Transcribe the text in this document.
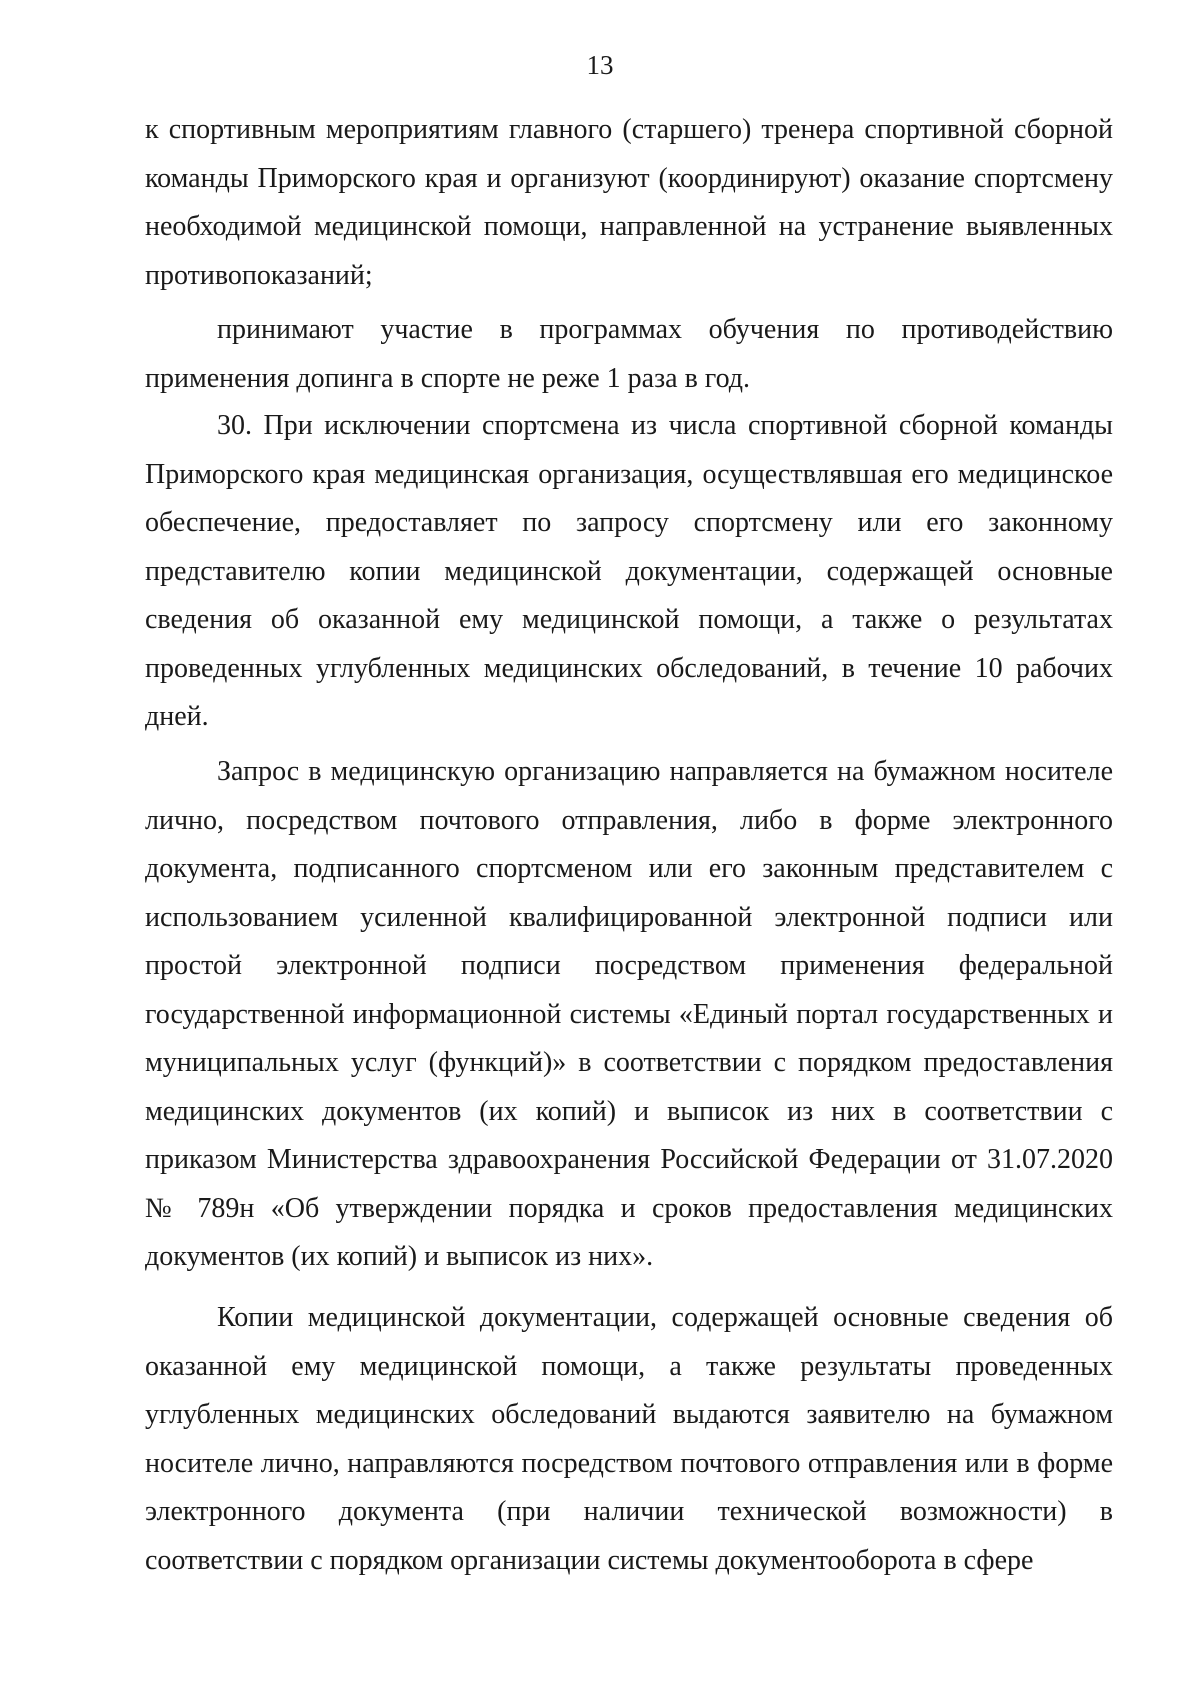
13

к спортивным мероприятиям главного (старшего) тренера спортивной сборной команды Приморского края и организуют (координируют) оказание спортсмену необходимой медицинской помощи, направленной на устранение выявленных противопоказаний;

принимают участие в программах обучения по противодействию применения допинга в спорте не реже 1 раза в год.

30. При исключении спортсмена из числа спортивной сборной команды Приморского края медицинская организация, осуществлявшая его медицинское обеспечение, предоставляет по запросу спортсмену или его законному представителю копии медицинской документации, содержащей основные сведения об оказанной ему медицинской помощи, а также о результатах проведенных углубленных медицинских обследований, в течение 10 рабочих дней.

Запрос в медицинскую организацию направляется на бумажном носителе лично, посредством почтового отправления, либо в форме электронного документа, подписанного спортсменом или его законным представителем с использованием усиленной квалифицированной электронной подписи или простой электронной подписи посредством применения федеральной государственной информационной системы «Единый портал государственных и муниципальных услуг (функций)» в соответствии с порядком предоставления медицинских документов (их копий) и выписок из них в соответствии с приказом Министерства здравоохранения Российской Федерации от 31.07.2020 № 789н «Об утверждении порядка и сроков предоставления медицинских документов (их копий) и выписок из них».

Копии медицинской документации, содержащей основные сведения об оказанной ему медицинской помощи, а также результаты проведенных углубленных медицинских обследований выдаются заявителю на бумажном носителе лично, направляются посредством почтового отправления или в форме электронного документа (при наличии технической возможности) в соответствии с порядком организации системы документооборота в сфере
